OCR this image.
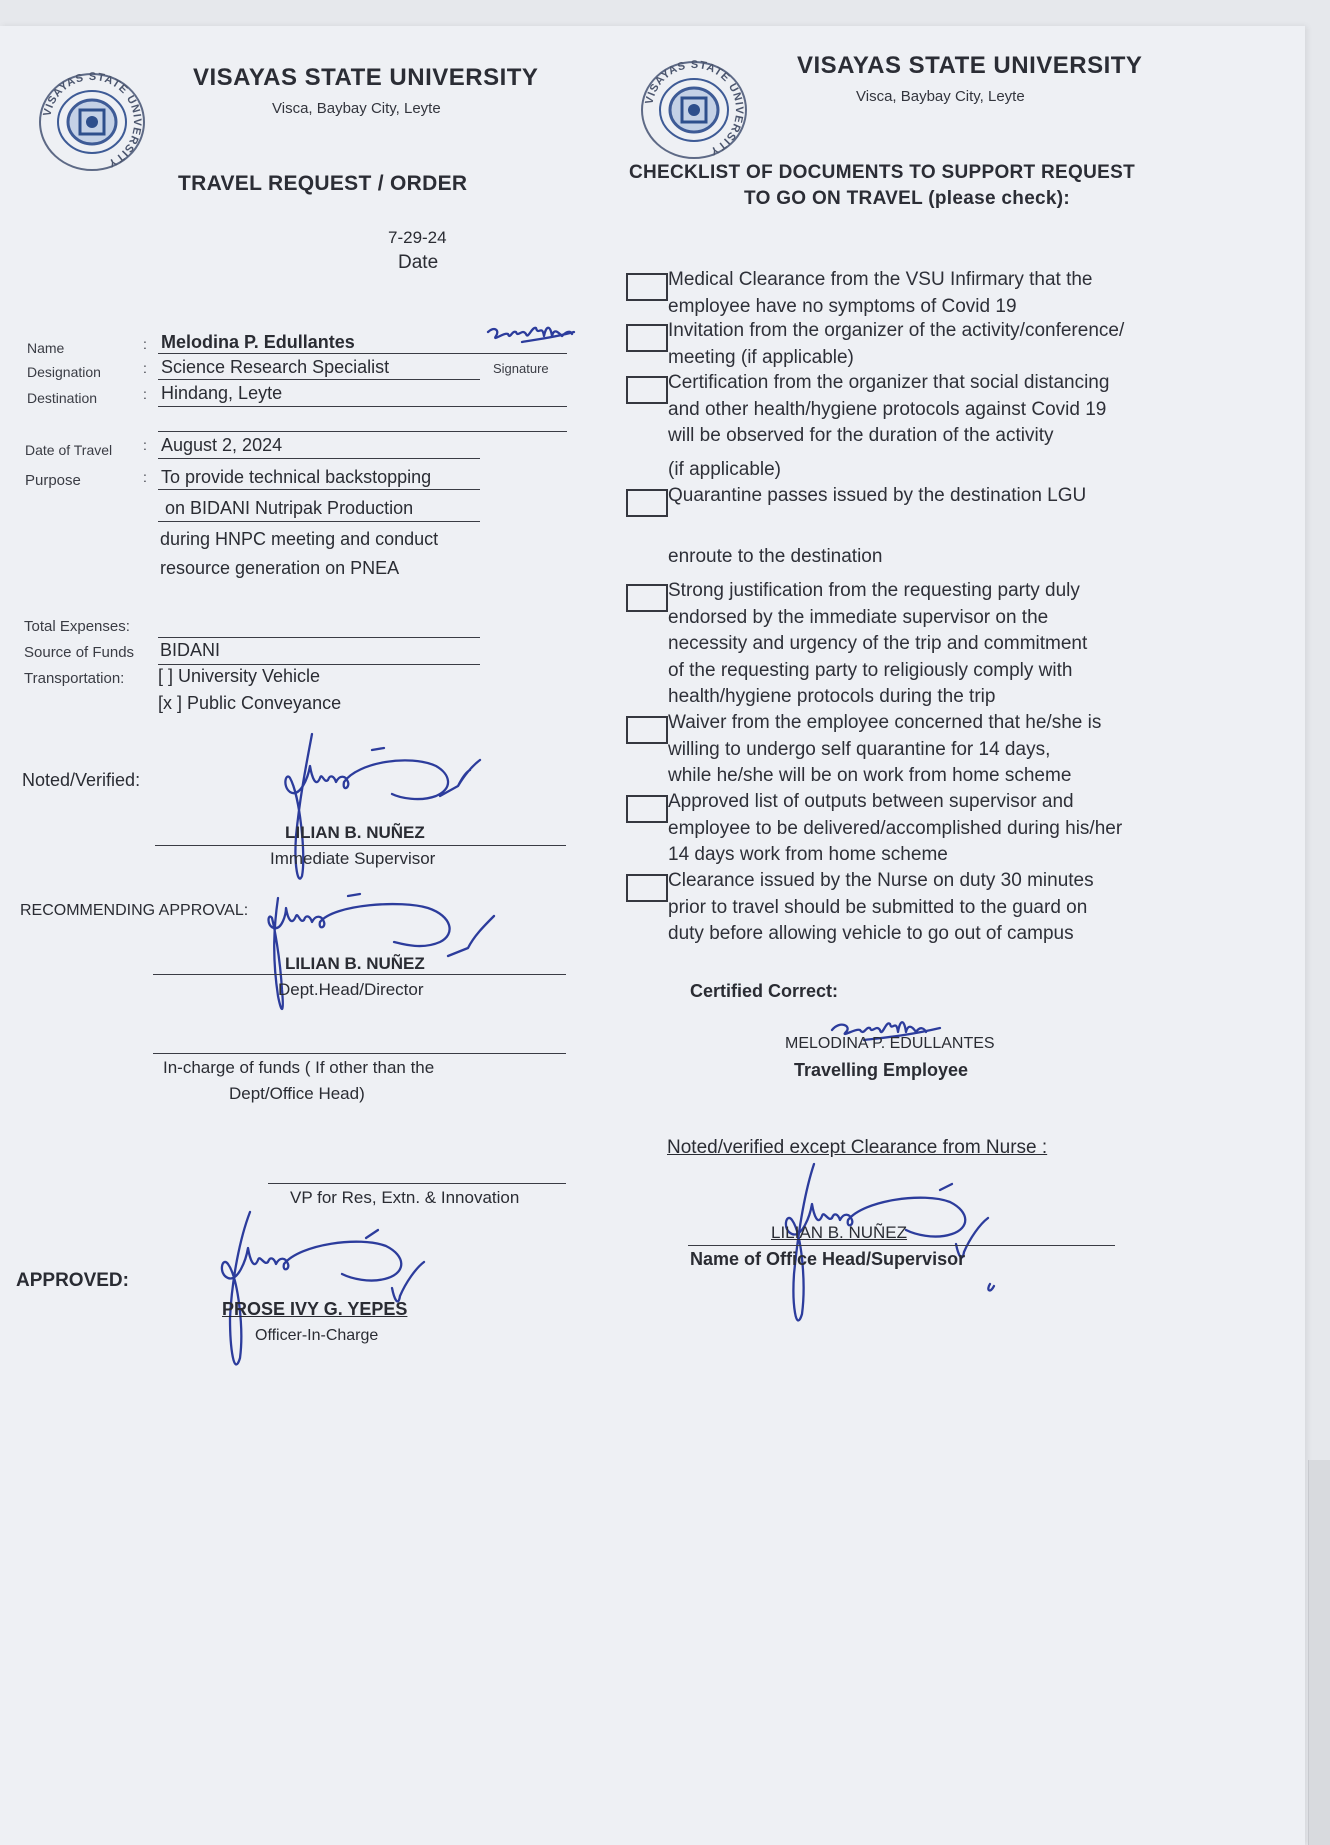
VISAYAS STATE UNIVERSITY
VISAYAS STATE UNIVERSITY
VISAYAS STATE UNIVERSITY
Visca, Baybay City, Leyte
TRAVEL REQUEST / ORDER
7-29-24
Date
VISAYAS STATE UNIVERSITY
Visca, Baybay City, Leyte
CHECKLIST OF DOCUMENTS TO SUPPORT REQUEST
TO GO ON TRAVEL (please check):
Name	: Melodina P. Edullantes
Signature
Designation	: Science Research Specialist
Destination	: Hindang, Leyte
Date of Travel : August 2, 2024
Purpose	: To provide technical backstopping
on BIDANI Nutripak Production
during HNPC meeting and conduct
resource generation on PNEA
Total Expenses:
Source of Funds BIDANI
Transportation: [ ] University Vehicle
[x ] Public Conveyance
Noted/Verified:
LILIAN B. NUÑEZ
Immediate Supervisor
RECOMMENDING APPROVAL:
LILIAN B. NUÑEZ
Dept.Head/Director
In-charge of funds ( If other than the
Dept/Office Head)
VP for Res, Extn. & Innovation
APPROVED:
PROSE IVY G. YEPES
Officer-In-Charge
Medical Clearance from the VSU Infirmary that the
employee have no symptoms of Covid 19
Invitation from the organizer of the activity/conference/
meeting (if applicable)
Certification from the organizer that social distancing
and other health/hygiene protocols against Covid 19
will be observed for the duration of the activity
(if applicable)
Quarantine passes issued by the destination LGU
enroute to the destination
Strong justification from the requesting party duly
endorsed by the immediate supervisor on the
necessity and urgency of the trip and commitment
of the requesting party to religiously comply with
health/hygiene protocols during the trip
Waiver from the employee concerned that he/she is
willing to undergo self quarantine for 14 days,
while he/she will be on work from home scheme
Approved list of outputs between supervisor and
employee to be delivered/accomplished during his/her
14 days work from home scheme
Clearance issued by the Nurse on duty 30 minutes
prior to travel should be submitted to the guard on
duty before allowing vehicle to go out of campus
Certified Correct:
MELODINA P. EDULLANTES
Travelling Employee
Noted/verified except Clearance from Nurse :
LILIAN B. NUÑEZ
Name of Office Head/Supervisor
